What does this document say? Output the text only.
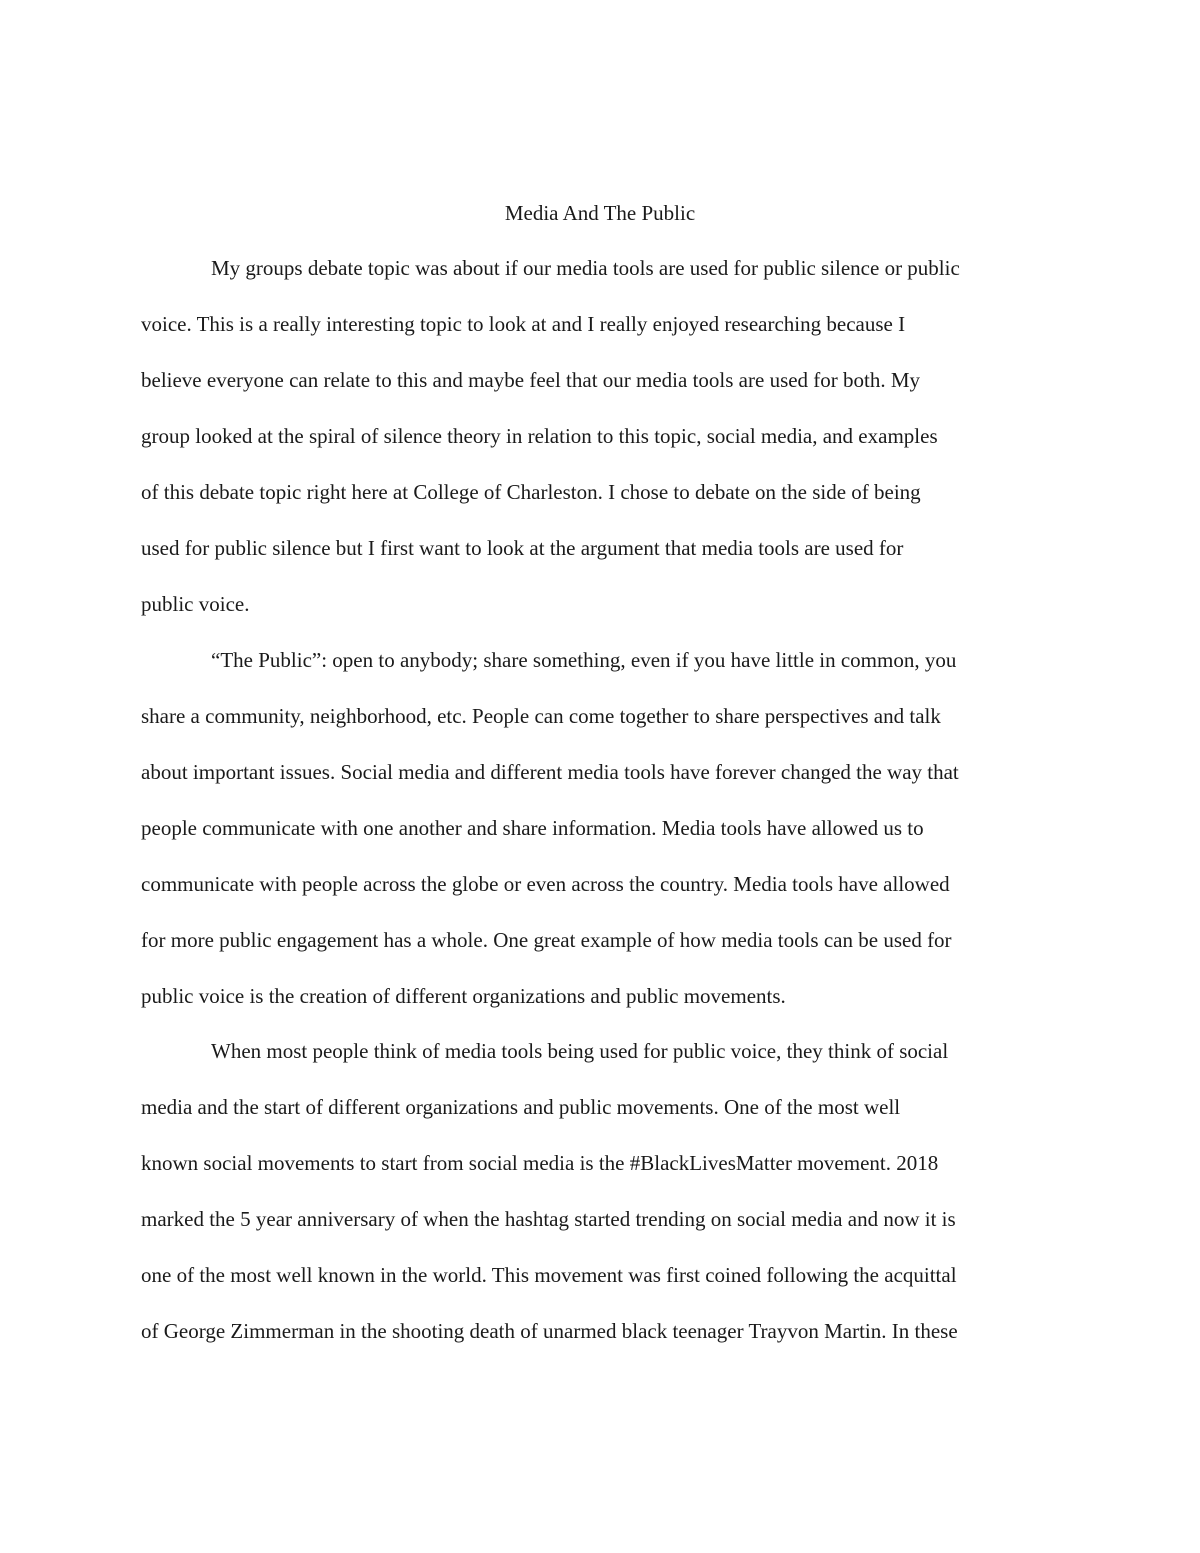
Media And The Public
My groups debate topic was about if our media tools are used for public silence or public
voice. This is a really interesting topic to look at and I really enjoyed researching because I
believe everyone can relate to this and maybe feel that our media tools are used for both. My
group looked at the spiral of silence theory in relation to this topic, social media, and examples
of this debate topic right here at College of Charleston. I chose to debate on the side of being
used for public silence but I first want to look at the argument that media tools are used for
public voice.
“The Public”: open to anybody; share something, even if you have little in common, you
share a community, neighborhood, etc. People can come together to share perspectives and talk
about important issues. Social media and different media tools have forever changed the way that
people communicate with one another and share information. Media tools have allowed us to
communicate with people across the globe or even across the country. Media tools have allowed
for more public engagement has a whole. One great example of how media tools can be used for
public voice is the creation of different organizations and public movements.
When most people think of media tools being used for public voice, they think of social
media and the start of different organizations and public movements. One of the most well
known social movements to start from social media is the #BlackLivesMatter movement. 2018
marked the 5 year anniversary of when the hashtag started trending on social media and now it is
one of the most well known in the world. This movement was first coined following the acquittal
of George Zimmerman in the shooting death of unarmed black teenager Trayvon Martin. In these
